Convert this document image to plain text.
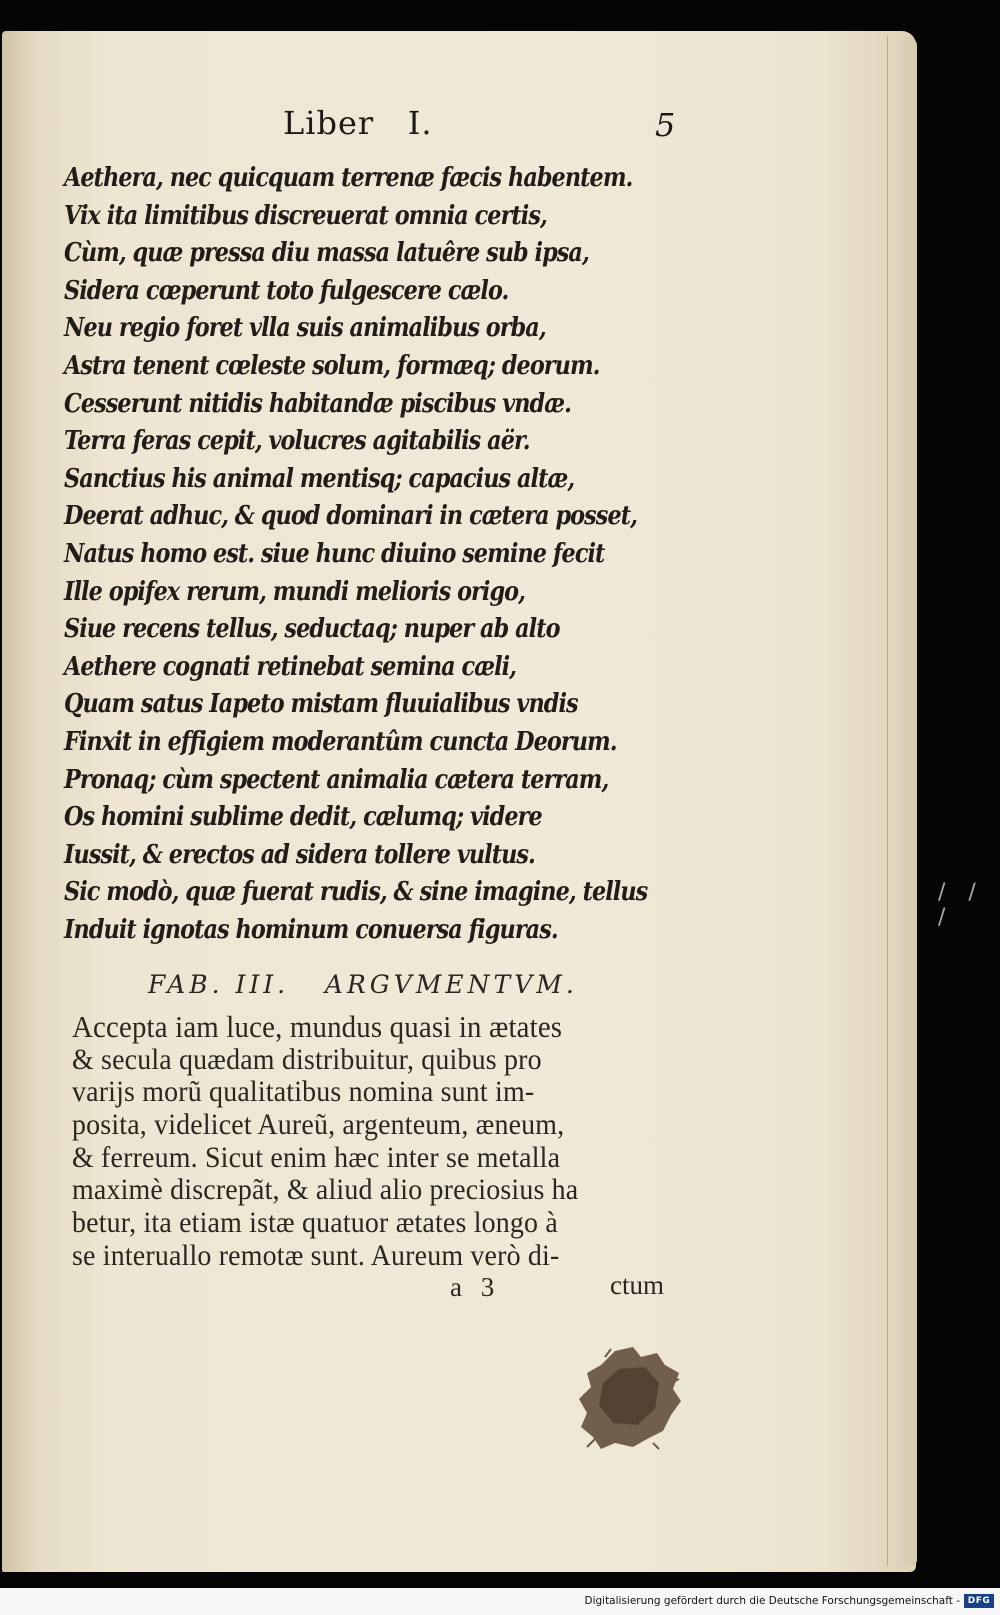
Liber   I.	5
Aethera, nec quicquam terrenæ fæcis habentem.
Vix ita limitibus discreuerat omnia certis,
Cùm, quæ pressa diu massa latuêre sub ipsa,
Sidera cœperunt toto fulgescere cælo.
Neu regio foret vlla suis animalibus orba,
Astra tenent cœleste solum, formæq; deorum.
Cesserunt nitidis habitandæ piscibus vndæ.
Terra feras cepit, volucres agitabilis aër.
Sanctius his animal mentisq; capacius altæ,
Deerat adhuc, & quod dominari in cætera posset,
Natus homo est. siue hunc diuino semine fecit
Ille opifex rerum, mundi melioris origo,
Siue recens tellus, seductaq; nuper ab alto
Aethere cognati retinebat semina cæli,
Quam satus Iapeto mistam fluuialibus vndis
Finxit in effigiem moderantûm cuncta Deorum.
Pronaq; cùm spectent animalia cætera terram,
Os homini sublime dedit, cælumq; videre
Iussit, & erectos ad sidera tollere vultus.
Sic modò, quæ fuerat rudis, & sine imagine, tellus
Induit ignotas hominum conuersa figuras.
FAB. III.   ARGVMENTVM.
Accepta iam luce, mundus quasi in ætates
& secula quædam distribuitur, quibus pro
varijs morũ qualitatibus nomina sunt im-
posita, videlicet Aureũ, argenteum, æneum,
& ferreum. Sicut enim hæc inter se metalla
maximè discrepãt, & aliud alio preciosius ha
betur, ita etiam istæ quatuor ætates longo à
se interuallo remotæ sunt. Aureum verò di-
a 3	ctum
/ / /
Digitalisierung gefördert durch die Deutsche Forschungsgemeinschaft - DFG
